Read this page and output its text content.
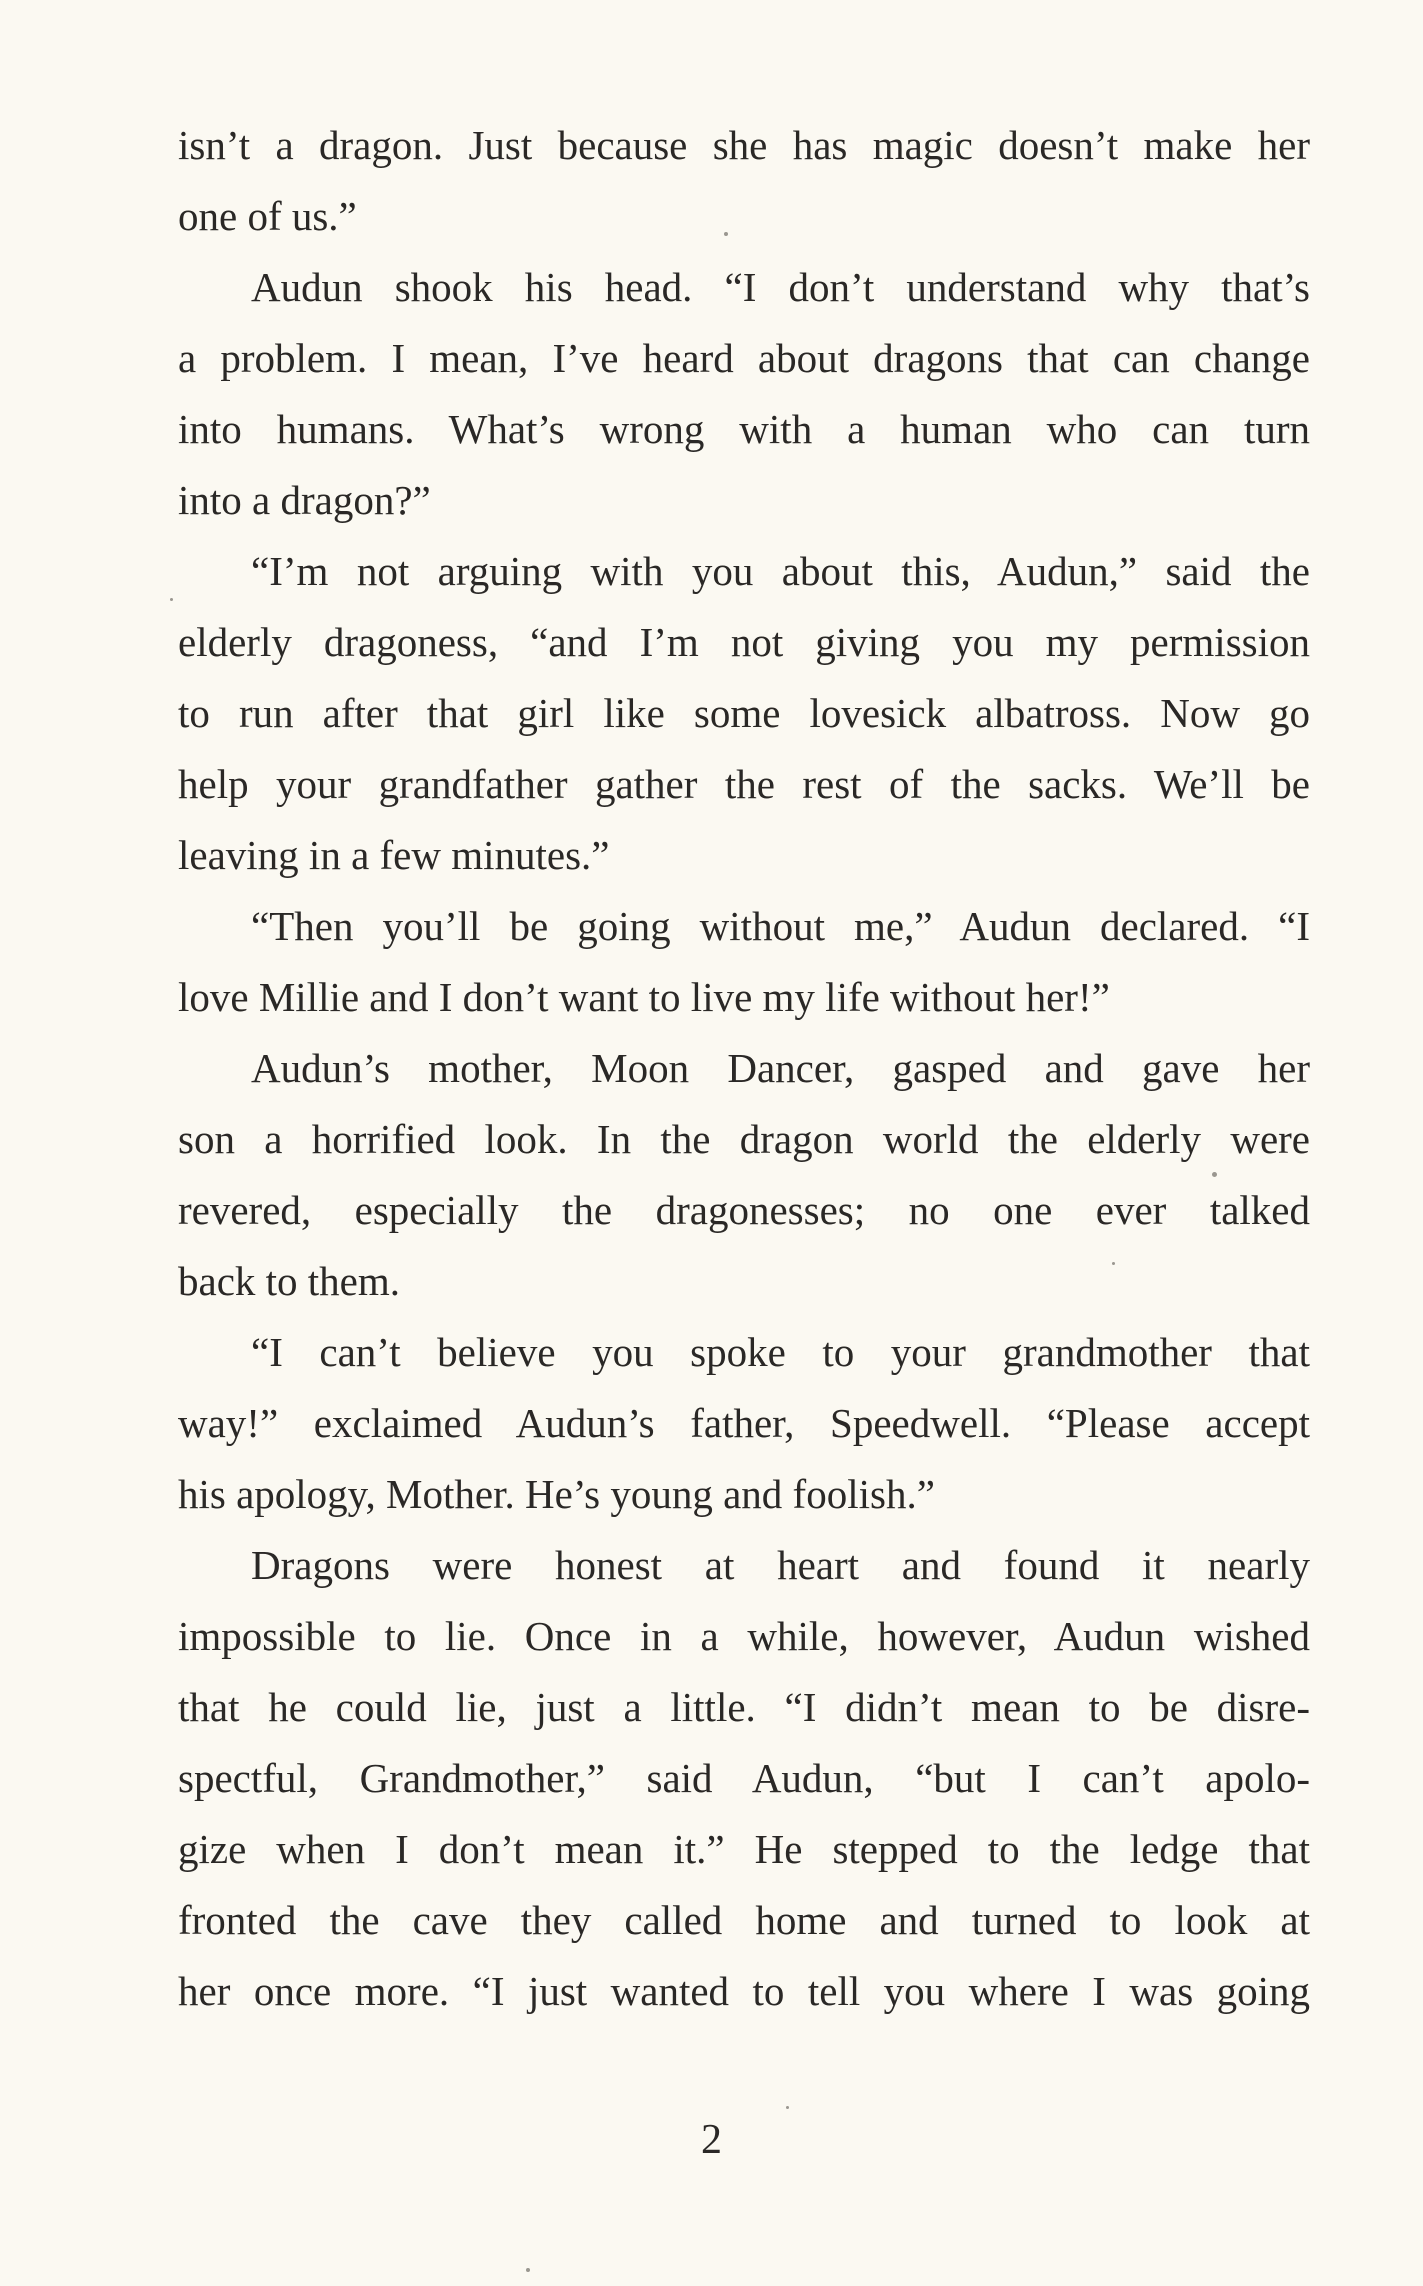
isn’t a dragon. Just because she has magic doesn’t make her
one of us.”
Audun shook his head. “I don’t understand why that’s
a problem. I mean, I’ve heard about dragons that can change
into humans. What’s wrong with a human who can turn
into a dragon?”
“I’m not arguing with you about this, Audun,” said the
elderly dragoness, “and I’m not giving you my permission
to run after that girl like some lovesick albatross. Now go
help your grandfather gather the rest of the sacks. We’ll be
leaving in a few minutes.”
“Then you’ll be going without me,” Audun declared. “I
love Millie and I don’t want to live my life without her!”
Audun’s mother, Moon Dancer, gasped and gave her
son a horrified look. In the dragon world the elderly were
revered, especially the dragonesses; no one ever talked
back to them.
“I can’t believe you spoke to your grandmother that
way!” exclaimed Audun’s father, Speedwell. “Please accept
his apology, Mother. He’s young and foolish.”
Dragons were honest at heart and found it nearly
impossible to lie. Once in a while, however, Audun wished
that he could lie, just a little. “I didn’t mean to be disre-
spectful, Grandmother,” said Audun, “but I can’t apolo-
gize when I don’t mean it.” He stepped to the ledge that
fronted the cave they called home and turned to look at
her once more. “I just wanted to tell you where I was going
2
